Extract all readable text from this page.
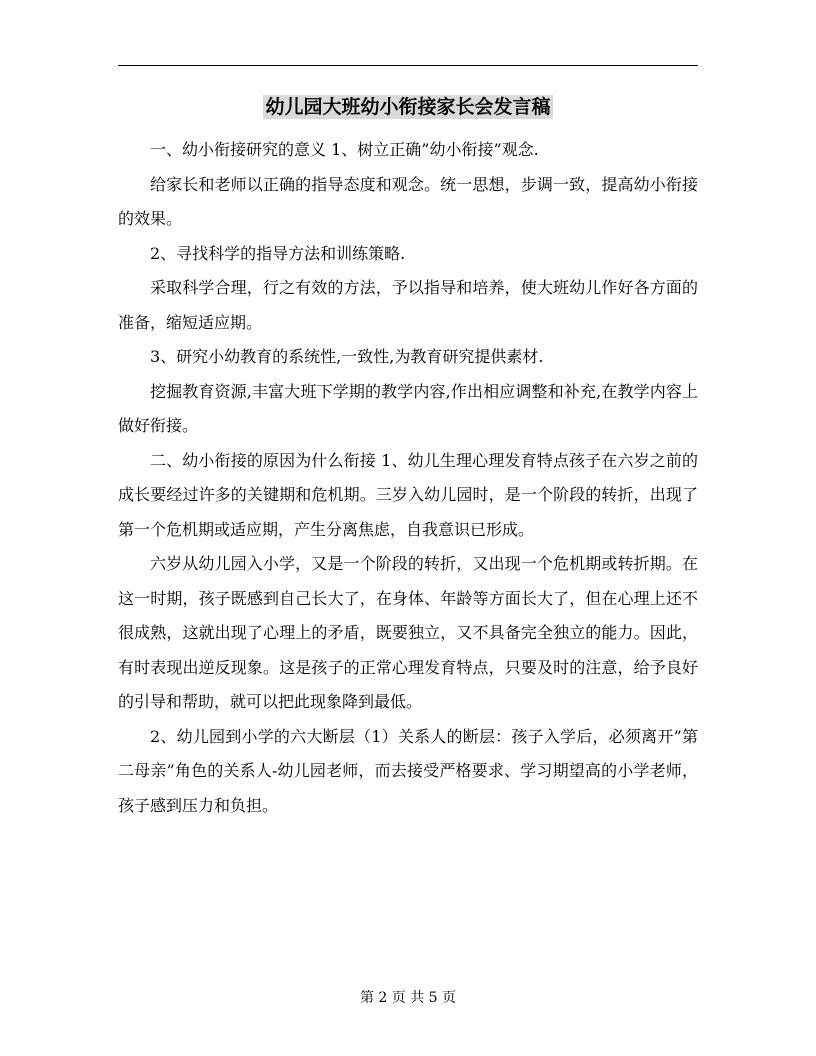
幼儿园大班幼小衔接家长会发言稿

一、幼小衔接研究的意义 1、树立正确”幼小衔接”观念.

给家长和老师以正确的指导态度和观念。统一思想，步调一致，提高幼小衔接的效果。

2、寻找科学的指导方法和训练策略.

采取科学合理，行之有效的方法，予以指导和培养，使大班幼儿作好各方面的准备，缩短适应期。

3、研究小幼教育的系统性,一致性,为教育研究提供素材.

挖掘教育资源,丰富大班下学期的教学内容,作出相应调整和补充,在教学内容上做好衔接。

二、幼小衔接的原因为什么衔接 1、幼儿生理心理发育特点孩子在六岁之前的成长要经过许多的关键期和危机期。三岁入幼儿园时，是一个阶段的转折，出现了第一个危机期或适应期，产生分离焦虑，自我意识已形成。

六岁从幼儿园入小学，又是一个阶段的转折，又出现一个危机期或转折期。在这一时期，孩子既感到自己长大了，在身体、年龄等方面长大了，但在心理上还不很成熟，这就出现了心理上的矛盾，既要独立，又不具备完全独立的能力。因此，有时表现出逆反现象。这是孩子的正常心理发育特点，只要及时的注意，给予良好的引导和帮助，就可以把此现象降到最低。

2、幼儿园到小学的六大断层（1）关系人的断层：孩子入学后，必须离开”第二母亲”角色的关系人-幼儿园老师，而去接受严格要求、学习期望高的小学老师，孩子感到压力和负担。

第 2 页 共 5 页
